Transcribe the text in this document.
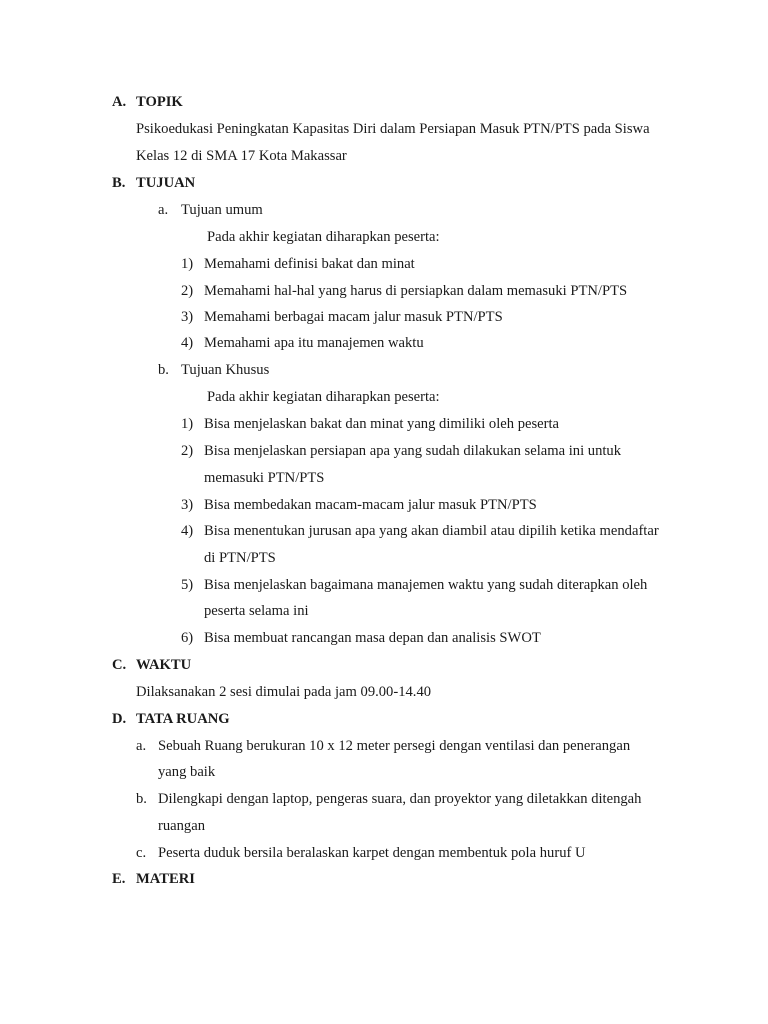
A. TOPIK
Psikoedukasi Peningkatan Kapasitas Diri dalam Persiapan Masuk PTN/PTS pada Siswa
Kelas 12 di SMA 17 Kota Makassar
B. TUJUAN
a. Tujuan umum
Pada akhir kegiatan diharapkan peserta:
1) Memahami definisi bakat dan minat
2) Memahami hal-hal yang harus di persiapkan dalam memasuki PTN/PTS
3) Memahami berbagai macam jalur masuk PTN/PTS
4) Memahami apa itu manajemen waktu
b. Tujuan Khusus
Pada akhir kegiatan diharapkan peserta:
1) Bisa menjelaskan bakat dan minat yang dimiliki oleh peserta
2) Bisa menjelaskan persiapan apa yang sudah dilakukan selama ini untuk
memasuki PTN/PTS
3) Bisa membedakan macam-macam jalur masuk PTN/PTS
4) Bisa menentukan jurusan apa yang akan diambil atau dipilih ketika mendaftar
di PTN/PTS
5) Bisa menjelaskan bagaimana manajemen waktu yang sudah diterapkan oleh
peserta selama ini
6) Bisa membuat rancangan masa depan dan analisis SWOT
C. WAKTU
Dilaksanakan 2 sesi dimulai pada jam 09.00-14.40
D. TATA RUANG
a. Sebuah Ruang berukuran 10 x 12 meter persegi dengan ventilasi dan penerangan
yang baik
b. Dilengkapi dengan laptop, pengeras suara, dan proyektor yang diletakkan ditengah
ruangan
c. Peserta duduk bersila beralaskan karpet dengan membentuk pola huruf U
E. MATERI
